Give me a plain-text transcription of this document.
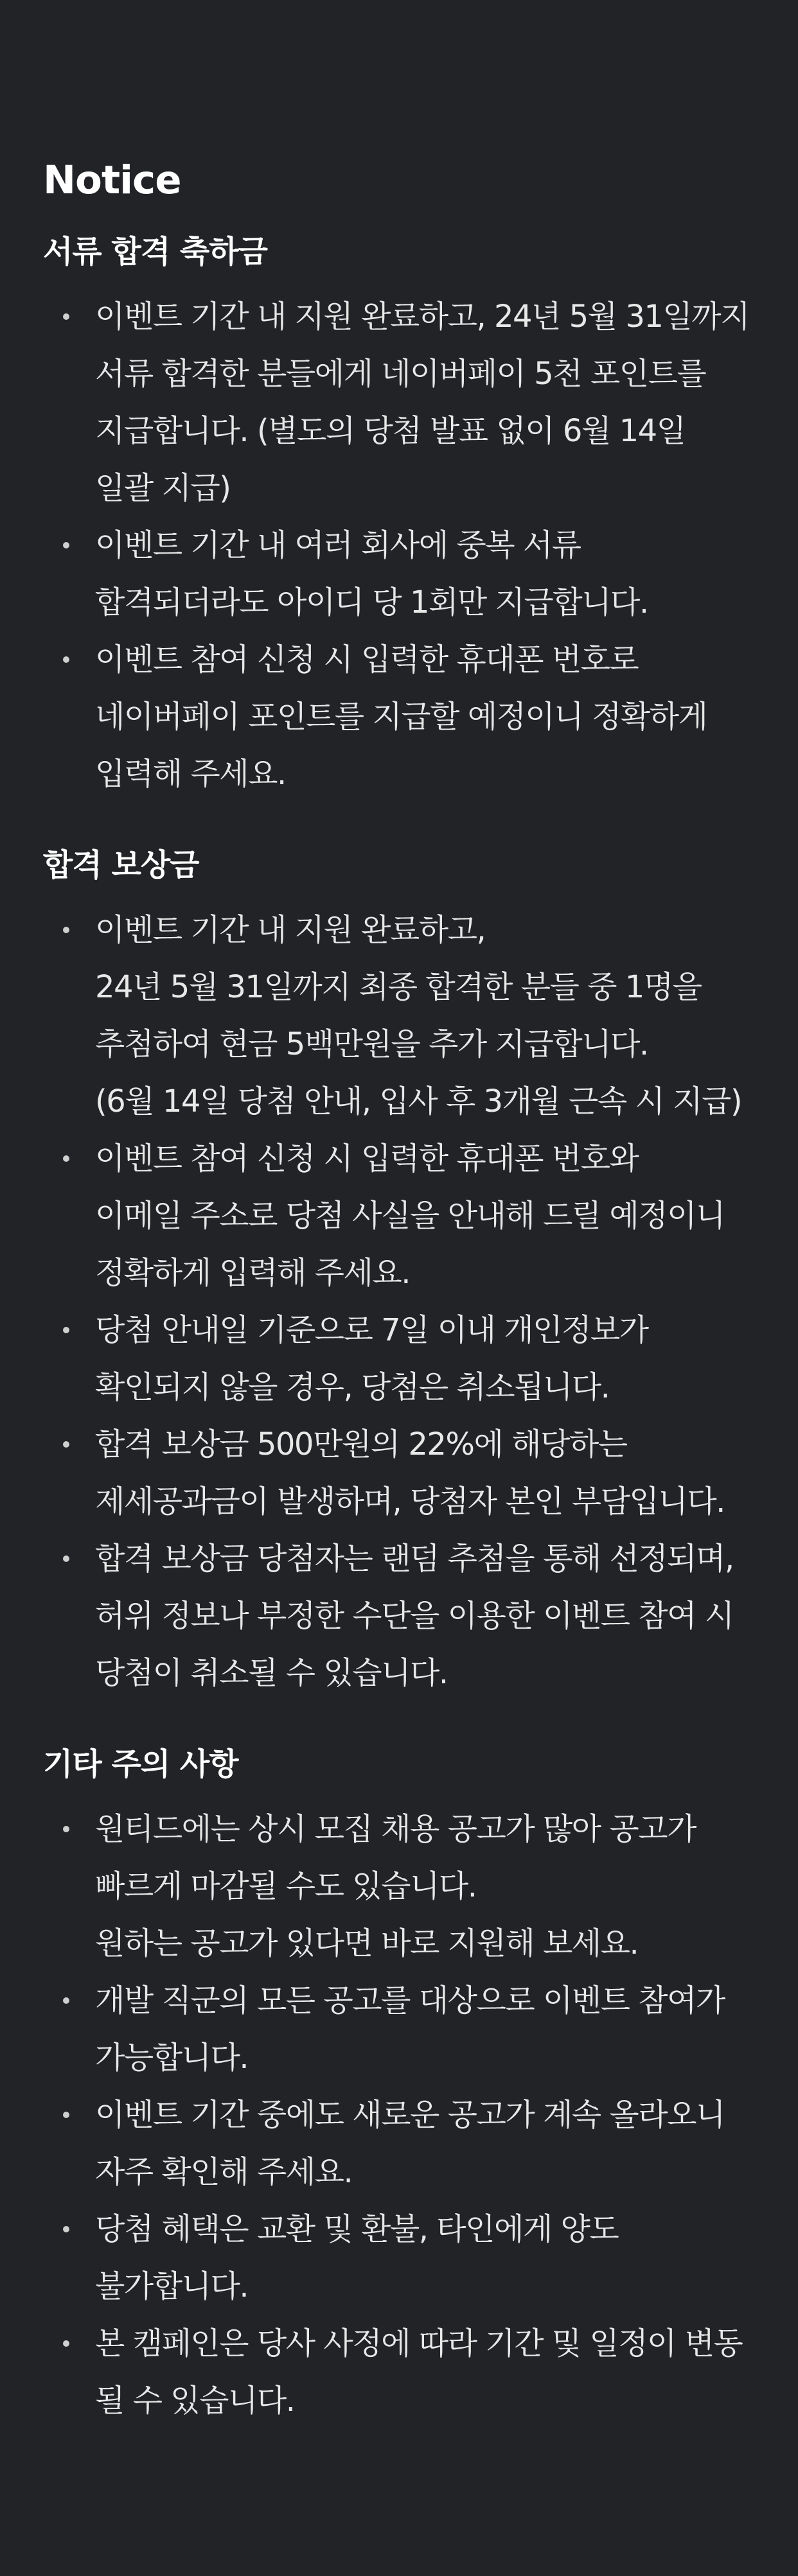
Notice
서류 합격 축하금
이벤트 기간 내 지원 완료하고, 24년 5월 31일까지
서류 합격한 분들에게 네이버페이 5천 포인트를
지급합니다. (별도의 당첨 발표 없이 6월 14일
일괄 지급)
이벤트 기간 내 여러 회사에 중복 서류
합격되더라도 아이디 당 1회만 지급합니다.
이벤트 참여 신청 시 입력한 휴대폰 번호로
네이버페이 포인트를 지급할 예정이니 정확하게
입력해 주세요.
합격 보상금
이벤트 기간 내 지원 완료하고,
24년 5월 31일까지 최종 합격한 분들 중 1명을
추첨하여 현금 5백만원을 추가 지급합니다.
(6월 14일 당첨 안내, 입사 후 3개월 근속 시 지급)
이벤트 참여 신청 시 입력한 휴대폰 번호와
이메일 주소로 당첨 사실을 안내해 드릴 예정이니
정확하게 입력해 주세요.
당첨 안내일 기준으로 7일 이내 개인정보가
확인되지 않을 경우, 당첨은 취소됩니다.
합격 보상금 500만원의 22%에 해당하는
제세공과금이 발생하며, 당첨자 본인 부담입니다.
합격 보상금 당첨자는 랜덤 추첨을 통해 선정되며,
허위 정보나 부정한 수단을 이용한 이벤트 참여 시
당첨이 취소될 수 있습니다.
기타 주의 사항
원티드에는 상시 모집 채용 공고가 많아 공고가
빠르게 마감될 수도 있습니다.
원하는 공고가 있다면 바로 지원해 보세요.
개발 직군의 모든 공고를 대상으로 이벤트 참여가
가능합니다.
이벤트 기간 중에도 새로운 공고가 계속 올라오니
자주 확인해 주세요.
당첨 혜택은 교환 및 환불, 타인에게 양도
불가합니다.
본 캠페인은 당사 사정에 따라 기간 및 일정이 변동
될 수 있습니다.
